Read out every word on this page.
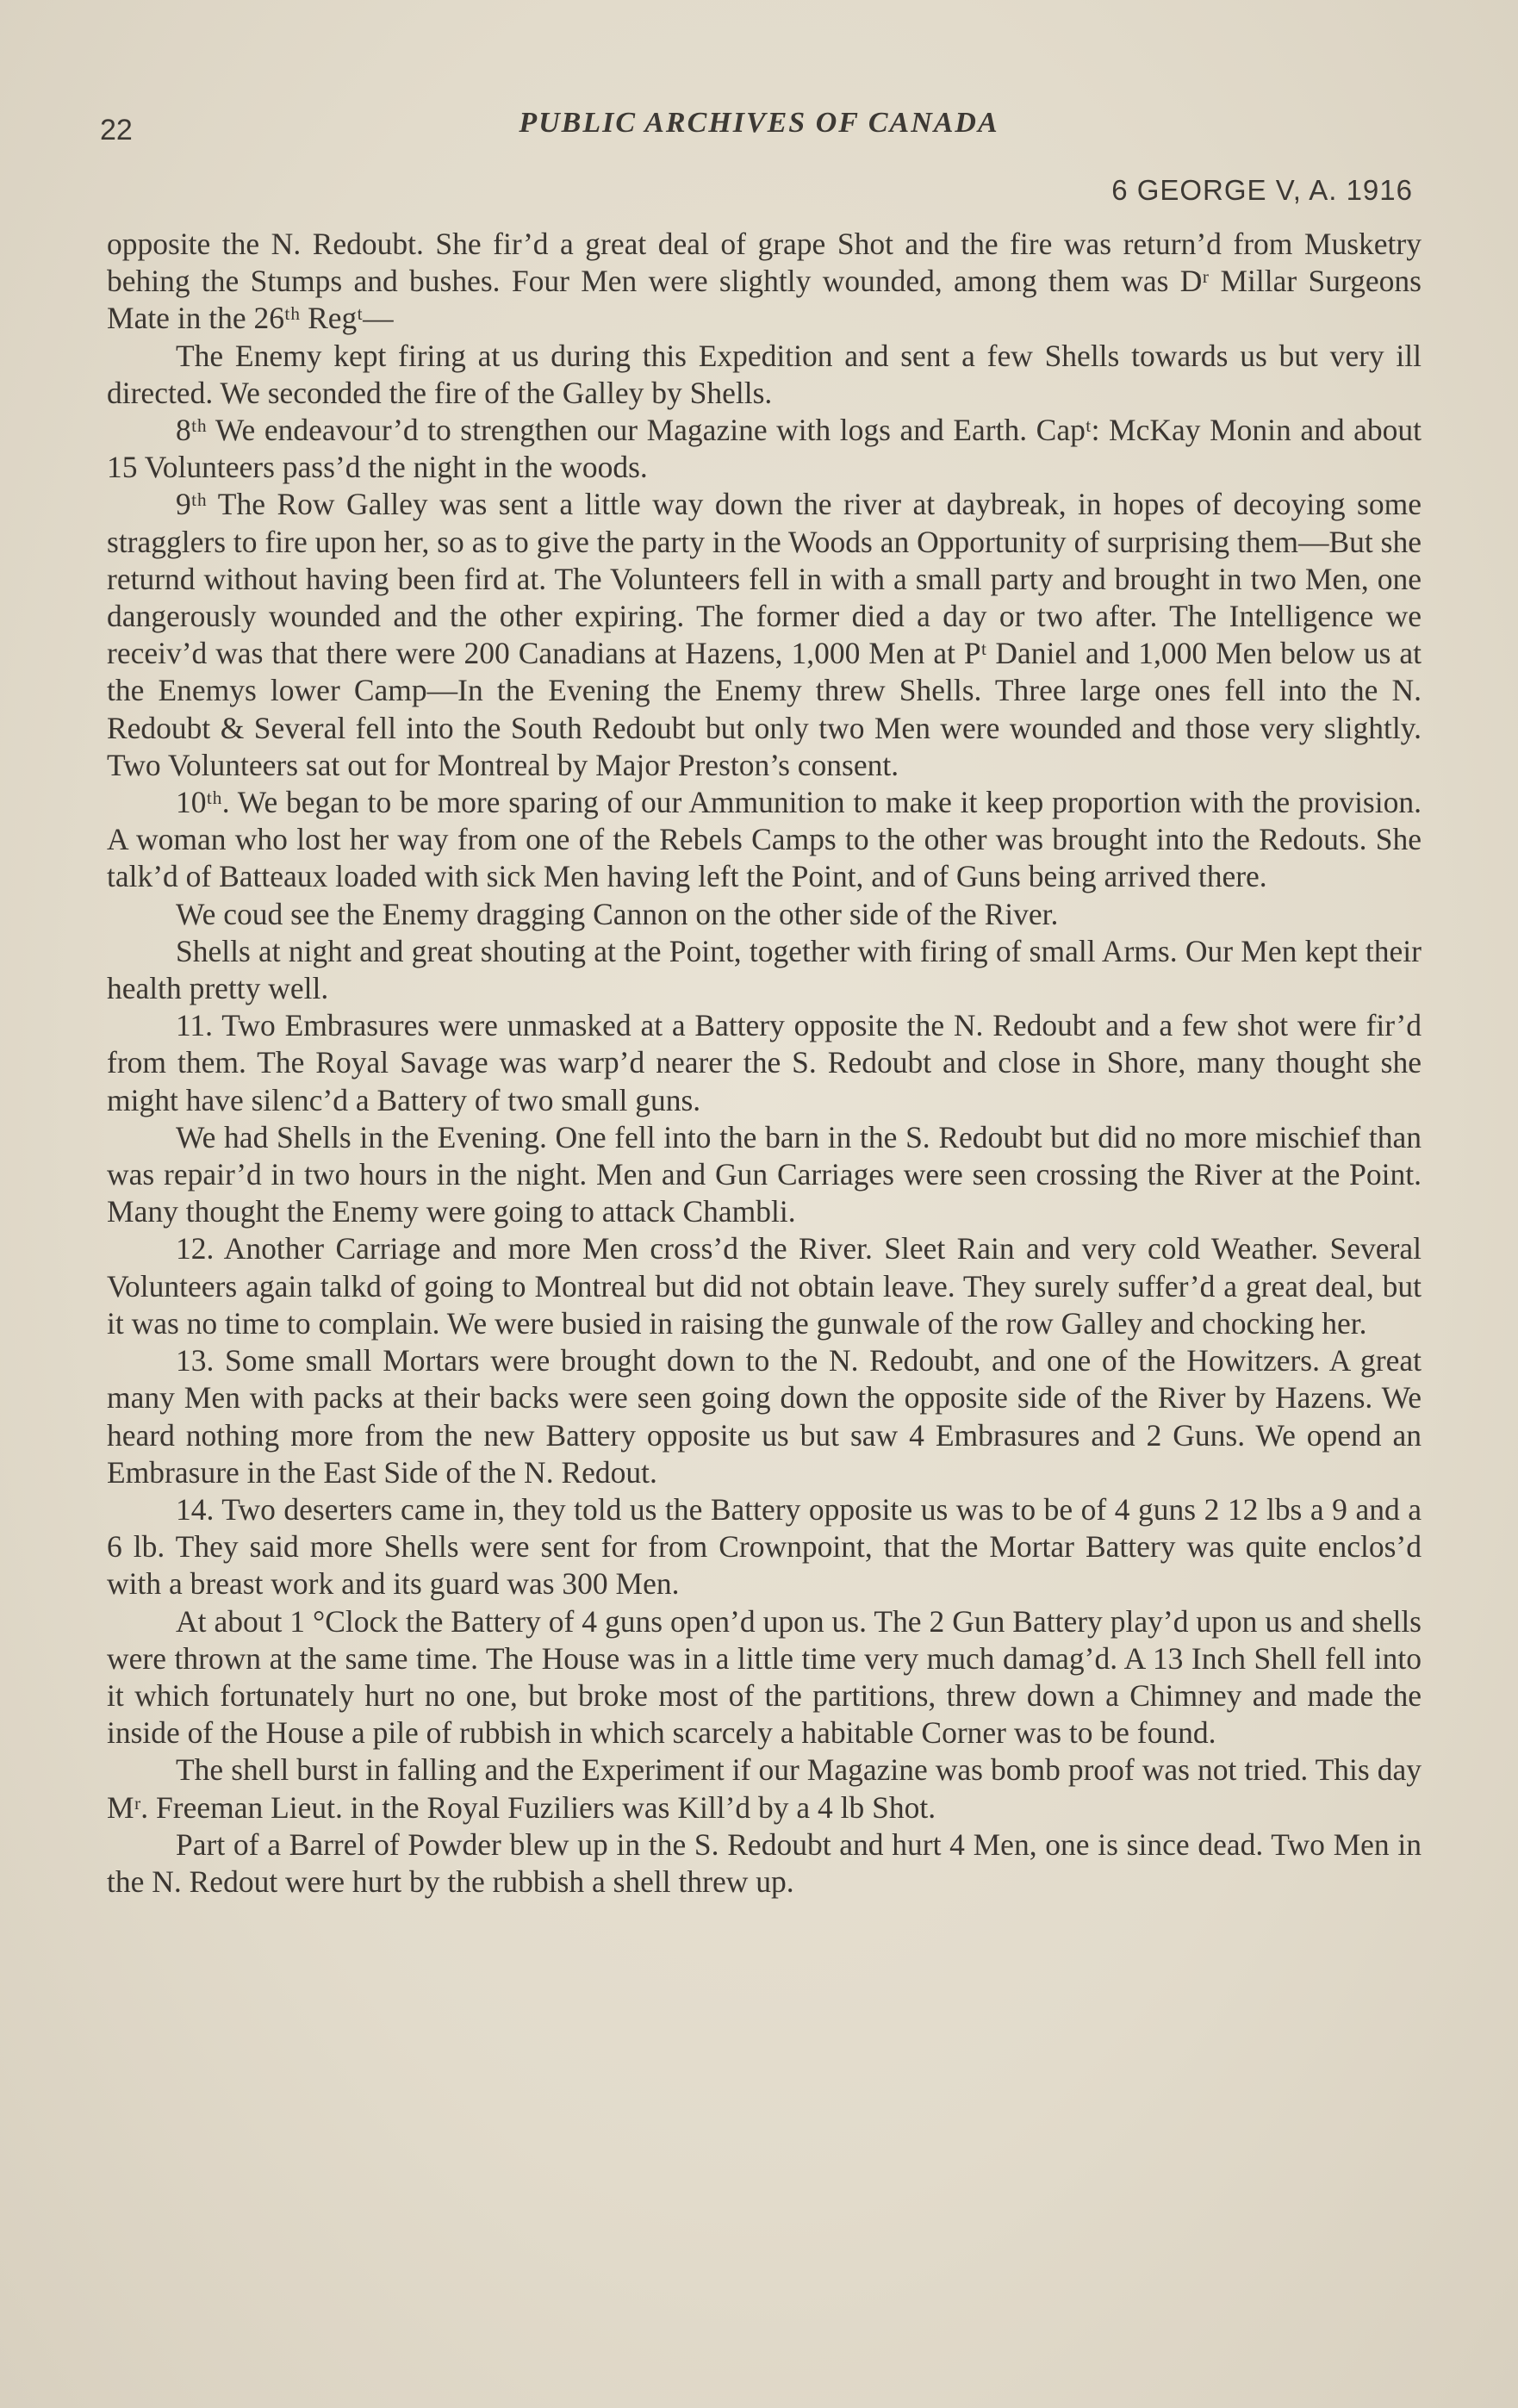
22	PUBLIC ARCHIVES OF CANADA
6 GEORGE V, A. 1916

opposite the N. Redoubt. She fir’d a great deal of grape Shot and the fire was return’d from Musketry behing the Stumps and bushes. Four Men were slightly wounded, among them was Dʳ Millar Surgeons Mate in the 26ᵗʰ Regᵗ—

The Enemy kept firing at us during this Expedition and sent a few Shells towards us but very ill directed. We seconded the fire of the Galley by Shells.

8ᵗʰ We endeavour’d to strengthen our Magazine with logs and Earth. Capᵗ: McKay Monin and about 15 Volunteers pass’d the night in the woods.

9ᵗʰ The Row Galley was sent a little way down the river at daybreak, in hopes of decoying some stragglers to fire upon her, so as to give the party in the Woods an Opportunity of surprising them—But she returnd without having been fird at. The Volunteers fell in with a small party and brought in two Men, one dangerously wounded and the other expiring. The former died a day or two after. The Intelligence we receiv’d was that there were 200 Canadians at Hazens, 1,000 Men at Pᵗ Daniel and 1,000 Men below us at the Enemys lower Camp—In the Evening the Enemy threw Shells. Three large ones fell into the N. Redoubt & Several fell into the South Redoubt but only two Men were wounded and those very slightly. Two Volunteers sat out for Montreal by Major Preston’s consent.

10ᵗʰ. We began to be more sparing of our Ammunition to make it keep proportion with the provision. A woman who lost her way from one of the Rebels Camps to the other was brought into the Redouts. She talk’d of Batteaux loaded with sick Men having left the Point, and of Guns being arrived there.

We coud see the Enemy dragging Cannon on the other side of the River.

Shells at night and great shouting at the Point, together with firing of small Arms. Our Men kept their health pretty well.

11. Two Embrasures were unmasked at a Battery opposite the N. Redoubt and a few shot were fir’d from them. The Royal Savage was warp’d nearer the S. Redoubt and close in Shore, many thought she might have silenc’d a Battery of two small guns.

We had Shells in the Evening. One fell into the barn in the S. Redoubt but did no more mischief than was repair’d in two hours in the night. Men and Gun Carriages were seen crossing the River at the Point. Many thought the Enemy were going to attack Chambli.

12. Another Carriage and more Men cross’d the River. Sleet Rain and very cold Weather. Several Volunteers again talkd of going to Montreal but did not obtain leave. They surely suffer’d a great deal, but it was no time to complain. We were busied in raising the gunwale of the row Galley and chocking her.

13. Some small Mortars were brought down to the N. Redoubt, and one of the Howitzers. A great many Men with packs at their backs were seen going down the opposite side of the River by Hazens. We heard nothing more from the new Battery opposite us but saw 4 Embrasures and 2 Guns. We opend an Embrasure in the East Side of the N. Redout.

14. Two deserters came in, they told us the Battery opposite us was to be of 4 guns 2 12 lbs a 9 and a 6 lb. They said more Shells were sent for from Crownpoint, that the Mortar Battery was quite enclos’d with a breast work and its guard was 300 Men.

At about 1 °Clock the Battery of 4 guns open’d upon us. The 2 Gun Battery play’d upon us and shells were thrown at the same time. The House was in a little time very much damag’d. A 13 Inch Shell fell into it which fortunately hurt no one, but broke most of the partitions, threw down a Chimney and made the inside of the House a pile of rubbish in which scarcely a habitable Corner was to be found.

The shell burst in falling and the Experiment if our Magazine was bomb proof was not tried. This day Mʳ. Freeman Lieut. in the Royal Fuziliers was Kill’d by a 4 lb Shot.

Part of a Barrel of Powder blew up in the S. Redoubt and hurt 4 Men, one is since dead. Two Men in the N. Redout were hurt by the rubbish a shell threw up.
